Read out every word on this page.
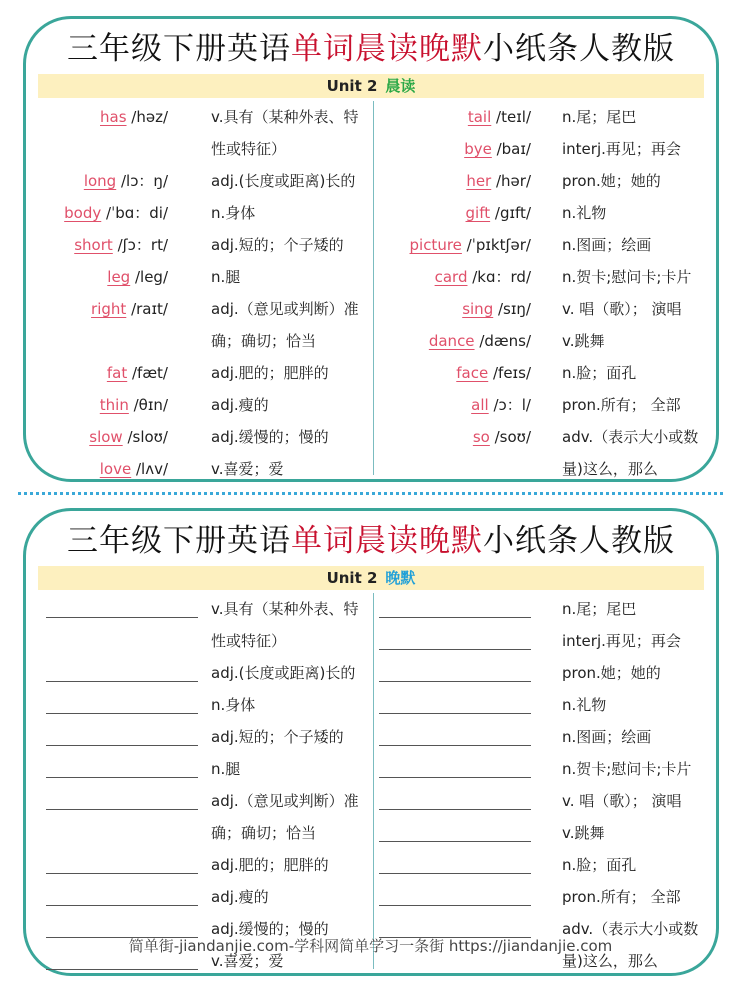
三年级下册英语单词晨读晚默小纸条人教版
Unit 2 晨读
has /həz/	v.具有（某种外表、特
性或特征）
long /lɔ：ŋ/	adj.(长度或距离)长的
body /ˈbɑ：di/	n.身体
short /ʃɔ：rt/	adj.短的；个子矮的
leg /leg/	n.腿
right /raɪt/	adj.（意见或判断）准
确；确切；恰当
fat /fæt/	adj.肥的；肥胖的
thin /θɪn/	adj.瘦的
slow /sloʊ/	adj.缓慢的；慢的
love /lʌv/	v.喜爱；爱
tail /teɪl/ n.尾；尾巴
bye /baɪ/ interj.再见；再会
her /hər/ pron.她；她的
gift /gɪft/ n.礼物
picture /ˈpɪktʃər/ n.图画；绘画
card /kɑ：rd/ n.贺卡;慰问卡;卡片
sing /sɪŋ/ v. 唱（歌）； 演唱
dance /dæns/ v.跳舞
face /feɪs/ n.脸；面孔
all /ɔ：l/ pron.所有； 全部
so /soʊ/ adv.（表示大小或数
量)这么，那么
三年级下册英语单词晨读晚默小纸条人教版
Unit 2 晚默
v.具有（某种外表、特
性或特征）
adj.(长度或距离)长的
n.身体
adj.短的；个子矮的
n.腿
adj.（意见或判断）准
确；确切；恰当
adj.肥的；肥胖的
adj.瘦的
adj.缓慢的；慢的
v.喜爱；爱
n.尾；尾巴
interj.再见；再会
pron.她；她的
n.礼物
n.图画；绘画
n.贺卡;慰问卡;卡片
v. 唱（歌）； 演唱
v.跳舞
n.脸；面孔
pron.所有； 全部
adv.（表示大小或数
量)这么，那么
简单街-jiandanjie.com-学科网简单学习一条街 https://jiandanjie.com
